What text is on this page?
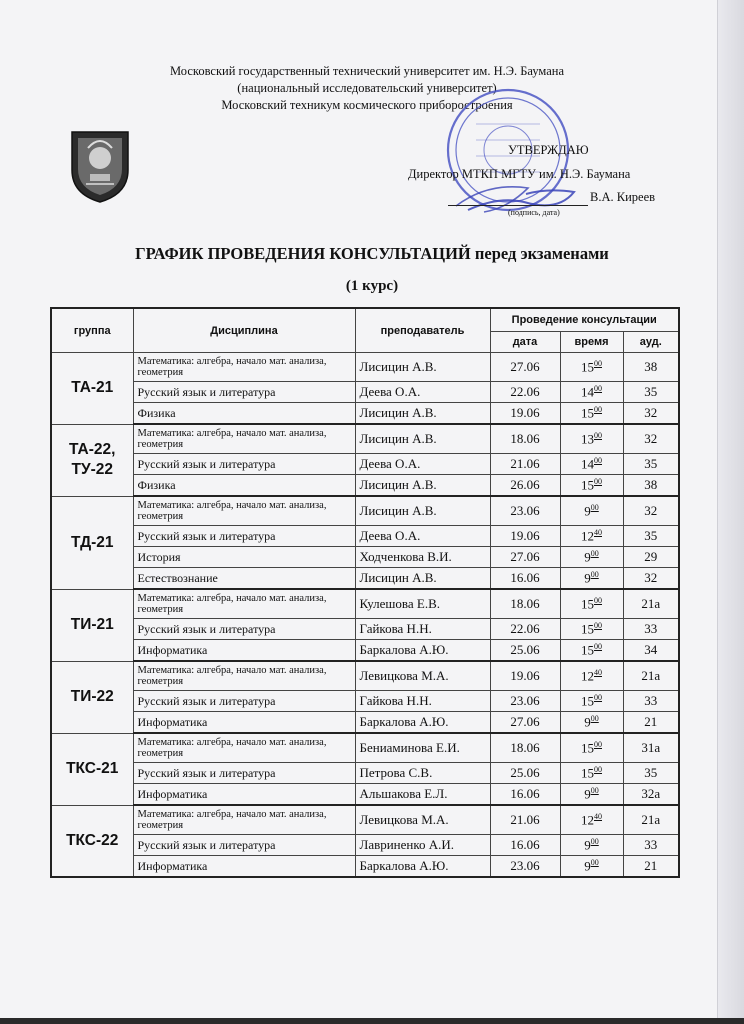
Московский государственный технический университет им. Н.Э. Баумана
(национальный исследовательский университет)
Московский техникум космического приборостроения
УТВЕРЖДАЮ
Директор МТКП МГТУ им. Н.Э. Баумана
(подпись, дата)
В.А. Киреев
ГРАФИК ПРОВЕДЕНИЯ КОНСУЛЬТАЦИЙ перед экзаменами
(1 курс)
группа	Дисциплина	преподаватель	Проведение консультации		
			дата	время	ауд.
ТА-21	Математика: алгебра, начало мат. анализа, геометрия	Лисицин А.В.	27.06	$15^{00}$	38
	Русский язык и литература	Деева О.А.	22.06	$14^{00}$	35
	Физика	Лисицин А.В.	19.06	$15^{00}$	32
ТА-22, ТУ-22	Математика: алгебра, начало мат. анализа, геометрия	Лисицин А.В.	18.06	$13^{00}$	32
	Русский язык и литература	Деева О.А.	21.06	$14^{00}$	35
	Физика	Лисицин А.В.	26.06	$15^{00}$	38
ТД-21	Математика: алгебра, начало мат. анализа, геометрия	Лисицин А.В.	23.06	$9^{00}$	32
	Русский язык и литература	Деева О.А.	19.06	$12^{40}$	35
	История	Ходченкова В.И.	27.06	$9^{00}$	29
	Естествознание	Лисицин А.В.	16.06	$9^{00}$	32
ТИ-21	Математика: алгебра, начало мат. анализа, геометрия	Кулешова Е.В.	18.06	$15^{00}$	21а
	Русский язык и литература	Гайкова Н.Н.	22.06	$15^{00}$	33
	Информатика	Баркалова А.Ю.	25.06	$15^{00}$	34
ТИ-22	Математика: алгебра, начало мат. анализа, геометрия	Левицкова М.А.	19.06	$12^{40}$	21а
	Русский язык и литература	Гайкова Н.Н.	23.06	$15^{00}$	33
	Информатика	Баркалова А.Ю.	27.06	$9^{00}$	21
ТКС-21	Математика: алгебра, начало мат. анализа, геометрия	Бениаминова Е.И.	18.06	$15^{00}$	31а
	Русский язык и литература	Петрова С.В.	25.06	$15^{00}$	35
	Информатика	Альшакова Е.Л.	16.06	$9^{00}$	32а
ТКС-22	Математика: алгебра, начало мат. анализа, геометрия	Левицкова М.А.	21.06	$12^{40}$	21а
	Русский язык и литература	Лавриненко А.И.	16.06	$9^{00}$	33
	Информатика	Баркалова А.Ю.	23.06	$9^{00}$	21
